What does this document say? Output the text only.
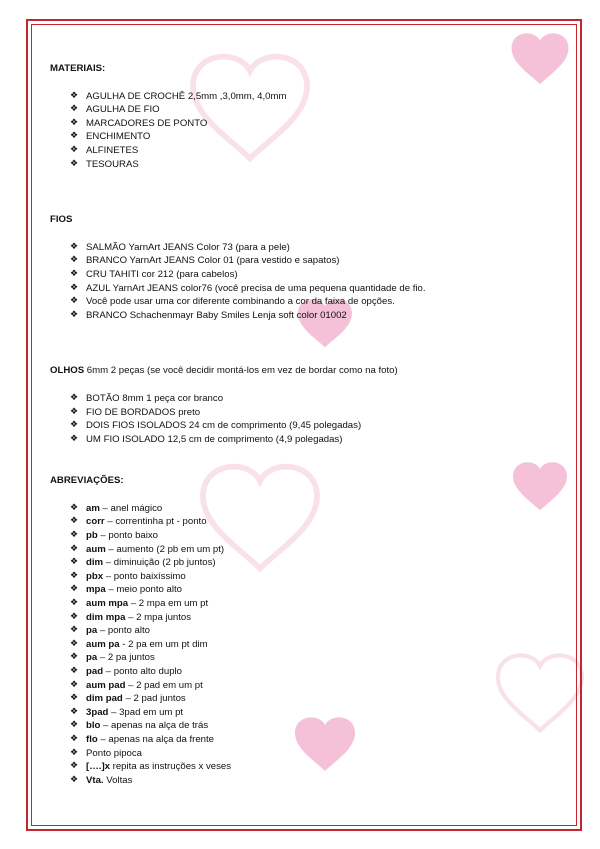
MATERIAIS:
❖ AGULHA DE CROCHÊ 2,5mm ,3,0mm, 4,0mm
❖ AGULHA DE FIO
❖ MARCADORES DE PONTO
❖ ENCHIMENTO
❖ ALFINETES
❖ TESOURAS
FIOS
❖ SALMÃO YarnArt JEANS Color 73 (para a pele)
❖ BRANCO YarnArt JEANS Color 01 (para vestido e sapatos)
❖ CRU TAHITI cor 212 (para cabelos)
❖ AZUL YarnArt JEANS color76 (você precisa de uma pequena quantidade de fio.
❖ Você pode usar uma cor diferente combinando a cor da faixa de opções.
❖ BRANCO Schachenmayr Baby Smiles Lenja soft color 01002
OLHOS 6mm 2 peças (se você decidir montá-los em vez de bordar como na foto)
❖ BOTÃO 8mm 1 peça cor branco
❖ FIO DE BORDADOS preto
❖ DOIS FIOS ISOLADOS 24 cm de comprimento (9,45 polegadas)
❖ UM FIO ISOLADO 12,5 cm de comprimento (4,9 polegadas)
ABREVIAÇÕES:
❖ am – anel mágico
❖ corr – correntinha pt - ponto
❖ pb – ponto baixo
❖ aum – aumento (2 pb em um pt)
❖ dim – diminuição (2 pb juntos)
❖ pbx – ponto baixíssimo
❖ mpa – meio ponto alto
❖ aum mpa – 2 mpa em um pt
❖ dim mpa – 2 mpa juntos
❖ pa – ponto alto
❖ aum pa - 2 pa em um pt dim
❖ pa – 2 pa juntos
❖ pad – ponto alto duplo
❖ aum pad – 2 pad em um pt
❖ dim pad – 2 pad juntos
❖ 3pad – 3pad em um pt
❖ blo – apenas na alça de trás
❖ flo – apenas na alça da frente
❖ Ponto pipoca
❖ [….]x repita as instruções x veses
❖ Vta. Voltas
